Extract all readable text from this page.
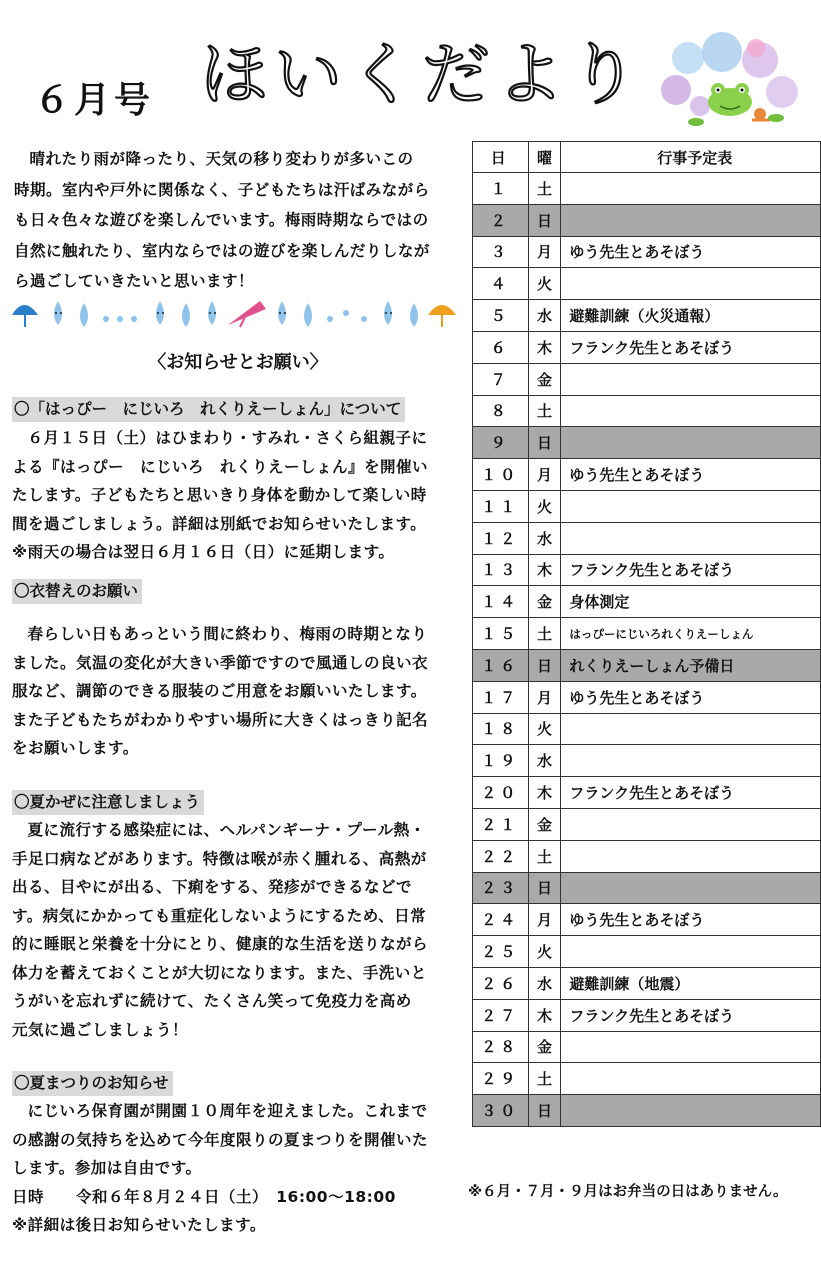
６月号 ほいくだより
晴れたり雨が降ったり、天気の移り変わりが多いこの
時期。室内や戸外に関係なく、子どもたちは汗ばみながら
も日々色々な遊びを楽しんでいます。梅雨時期ならではの
自然に触れたり、室内ならではの遊びを楽しんだりしなが
ら過ごしていきたいと思います！
〈お知らせとお願い〉
〇「はっぴー　にじいろ　れくりえーしょん」について
６月１５日（土）はひまわり・すみれ・さくら組親子に
よる『はっぴー　にじいろ　れくりえーしょん』を開催い
たします。子どもたちと思いきり身体を動かして楽しい時
間を過ごしましょう。詳細は別紙でお知らせいたします。
※雨天の場合は翌日６月１６日（日）に延期します。
〇衣替えのお願い
春らしい日もあっという間に終わり、梅雨の時期となり
ました。気温の変化が大きい季節ですので風通しの良い衣
服など、調節のできる服装のご用意をお願いいたします。
また子どもたちがわかりやすい場所に大きくはっきり記名
をお願いします。
〇夏かぜに注意しましょう
夏に流行する感染症には、ヘルパンギーナ・プール熱・
手足口病などがあります。特徴は喉が赤く腫れる、高熱が
出る、目やにが出る、下痢をする、発疹ができるなどで
す。病気にかかっても重症化しないようにするため、日常
的に睡眠と栄養を十分にとり、健康的な生活を送りながら
体力を蓄えておくことが大切になります。また、手洗いと
うがいを忘れずに続けて、たくさん笑って免疫力を高め
元気に過ごしましょう！
〇夏まつりのお知らせ
にじいろ保育園が開園１０周年を迎えました。これまで
の感謝の気持ちを込めて今年度限りの夏まつりを開催いた
します。参加は自由です。
日時　　令和６年８月２４日（土）　16:00～18:00
※詳細は後日お知らせいたします。
日	曜	行事予定表
１	土	
２	日	
３	月	ゆう先生とあそぼう
４	火	
５	水	避難訓練（火災通報）
６	木	フランク先生とあそぼう
７	金	
８	土	
９	日	
１０	月	ゆう先生とあそぼう
１１	火	
１２	水	
１３	木	フランク先生とあそぼう
１４	金	身体測定
１５	土	はっぴーにじいろれくりえーしょん
１６	日	れくりえーしょん予備日
１７	月	ゆう先生とあそぼう
１８	火	
１９	水	
２０	木	フランク先生とあそぼう
２１	金	
２２	土	
２３	日	
２４	月	ゆう先生とあそぼう
２５	火	
２６	水	避難訓練（地震）
２７	木	フランク先生とあそぼう
２８	金	
２９	土	
３０	日	
※６月・７月・９月はお弁当の日はありません。
